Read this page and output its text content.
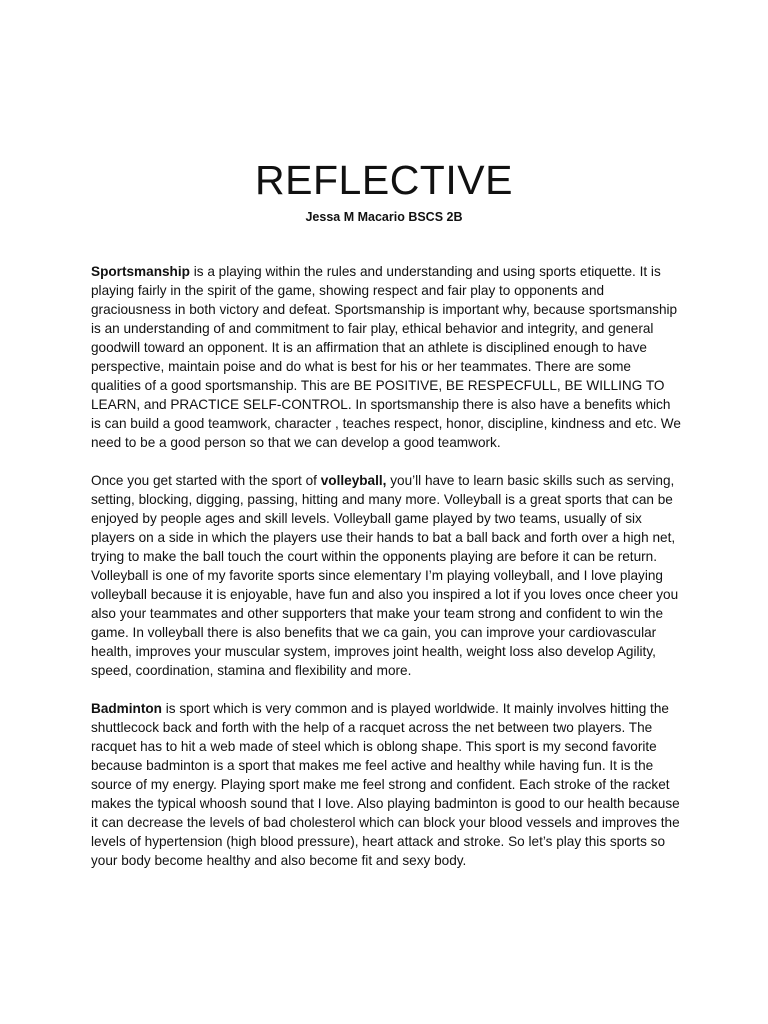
REFLECTIVE

Jessa M Macario BSCS 2B

Sportsmanship is a playing within the rules and understanding and using sports etiquette. It is playing fairly in the spirit of the game, showing respect and fair play to opponents and graciousness in both victory and defeat. Sportsmanship is important why, because sportsmanship is an understanding of and commitment to fair play, ethical behavior and integrity, and general goodwill toward an opponent. It is an affirmation that an athlete is disciplined enough to have perspective, maintain poise and do what is best for his or her teammates. There are some qualities of a good sportsmanship. This are BE POSITIVE, BE RESPECFULL, BE WILLING TO LEARN, and PRACTICE SELF-CONTROL. In sportsmanship there is also have a benefits which is can build a good teamwork, character , teaches respect, honor, discipline, kindness and etc. We need to be a good person so that we can develop a good teamwork.

Once you get started with the sport of volleyball, you’ll have to learn basic skills such as serving, setting, blocking, digging, passing, hitting and many more. Volleyball is a great sports that can be enjoyed by people ages and skill levels. Volleyball game played by two teams, usually of six players on a side in which the players use their hands to bat a ball back and forth over a high net, trying to make the ball touch the court within the opponents playing are before it can be return. Volleyball is one of my favorite sports since elementary I’m playing volleyball, and I love playing volleyball because it is enjoyable, have fun and also you inspired a lot if you loves once cheer you also your teammates and other supporters that make your team strong and confident to win the game. In volleyball there is also benefits that we ca gain, you can improve your cardiovascular health, improves your muscular system, improves joint health, weight loss also develop Agility, speed, coordination, stamina and flexibility and more.

Badminton is sport which is very common and is played worldwide. It mainly involves hitting the shuttlecock back and forth with the help of a racquet across the net between two players. The racquet has to hit a web made of steel which is oblong shape. This sport is my second favorite because badminton is a sport that makes me feel active and healthy while having fun. It is the source of my energy. Playing sport make me feel strong and confident. Each stroke of the racket makes the typical whoosh sound that I love. Also playing badminton is good to our health because it can decrease the levels of bad cholesterol which can block your blood vessels and improves the levels of hypertension (high blood pressure), heart attack and stroke. So let’s play this sports so your body become healthy and also become fit and sexy body.
